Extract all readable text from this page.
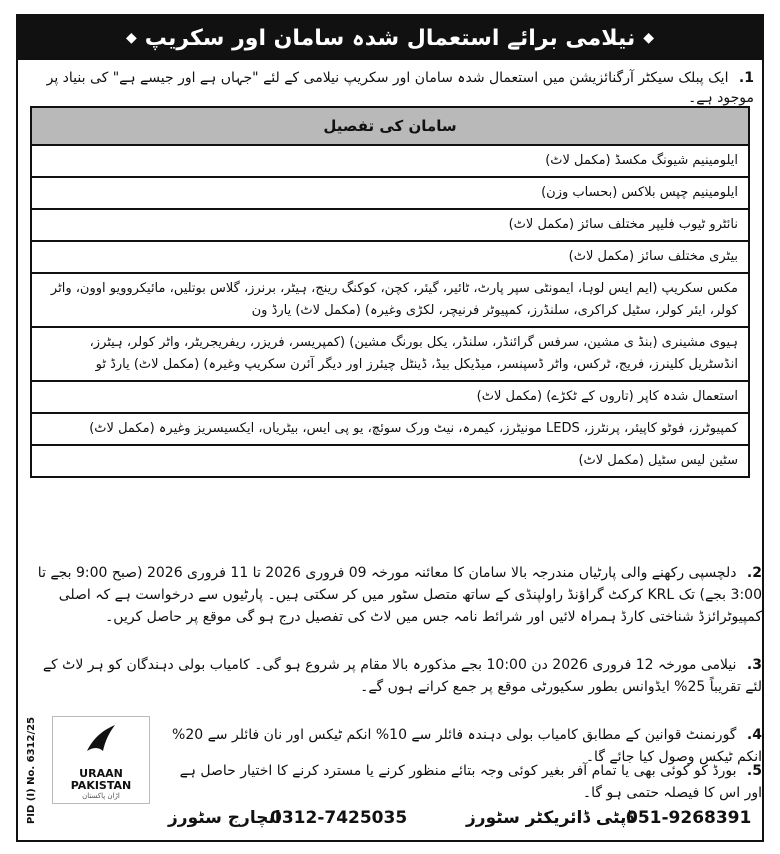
◆
نیلامی برائے استعمال شدہ سامان اور سکریپ
◆
1. ایک پبلک سیکٹر آرگنائزیشن میں استعمال شدہ سامان اور سکریپ نیلامی کے لئے "جہاں ہے اور جیسے ہے" کی بنیاد پر موجود ہے۔
سامان کی تفصیل
ایلومینیم شیونگ مکسڈ (مکمل لاٹ)
ایلومینیم چپس بلاکس (بحساب وزن)
نائٹرو ٹیوب فلیپر مختلف سائز (مکمل لاٹ)
بیٹری مختلف سائز (مکمل لاٹ)
مکس سکریپ (ایم ایس لوہا، ایمونٹی سپر پارٹ، ٹائیر، گیئر، کچن، کوکنگ رینج، ہیٹر، برنرز، گلاس بوتلیں، مائیکروویو اوون، واٹر کولر، ایئر کولر، سٹیل کراکری، سلنڈرز، کمپیوٹر فرنیچر، لکڑی وغیرہ) (مکمل لاٹ) یارڈ ون
ہیوی مشینری (بنڈ ی مشین، سرفس گرائنڈر، سلنڈر، یکل بورنگ مشین) (کمپریسر، فریزر، ریفریجریٹر، واٹر کولر، ہیٹرز، انڈسٹریل کلینرز، فریج، ٹرکس، واٹر ڈسپنسر، میڈیکل بیڈ، ڈینٹل چیئرز اور دیگر آئرن سکریپ وغیرہ) (مکمل لاٹ) یارڈ ٹو
استعمال شدہ کاپر (تاروں کے ٹکڑے) (مکمل لاٹ)
کمپیوٹرز، فوٹو کاپیئر، پرنٹرز، LEDS مونیٹرز، کیمرہ، نیٹ ورک سوئچ، یو پی ایس، بیٹریاں، ایکسیسریز وغیرہ (مکمل لاٹ)
سٹین لیس سٹیل (مکمل لاٹ)
2. دلچسپی رکھنے والی پارٹیاں مندرجہ بالا سامان کا معائنہ مورخہ 09 فروری 2026 تا 11 فروری 2026 (صبح 9:00 بجے تا 3:00 بجے) تک KRL کرکٹ گراؤنڈ راولپنڈی کے ساتھ متصل سٹور میں کر سکتی ہیں۔ پارٹیوں سے درخواست ہے کہ اصلی کمپیوٹرائزڈ شناختی کارڈ ہمراہ لائیں اور شرائط نامہ جس میں لاٹ کی تفصیل درج ہو گی موقع پر حاصل کریں۔
3. نیلامی مورخہ 12 فروری 2026 دن 10:00 بجے مذکورہ بالا مقام پر شروع ہو گی۔ کامیاب بولی دہندگان کو ہر لاٹ کے لئے تقریباً 25% ایڈوانس بطور سکیورٹی موقع پر جمع کرانے ہوں گے۔
4. گورنمنٹ قوانین کے مطابق کامیاب بولی دہندہ فائلر سے 10% انکم ٹیکس اور نان فائلر سے 20% انکم ٹیکس وصول کیا جائے گا۔
5. بورڈ کو کوئی بھی یا تمام آفر بغیر کوئی وجہ بتائے منظور کرنے یا مسترد کرنے کا اختیار حاصل ہے اور اس کا فیصلہ حتمی ہو گا۔
PID (I) No. 6312/25	URAAN
PAKISTAN
اڑان پاکستان
0312-7425035
انچارج سٹورز	ڈپٹی ڈائریکٹر سٹورز
051-9268391
